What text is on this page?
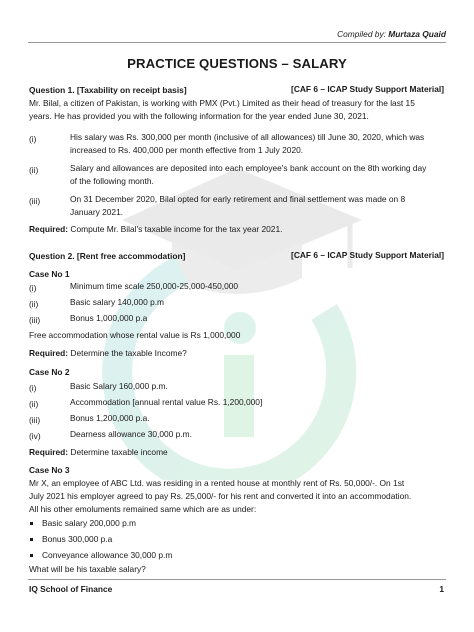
Compiled by: Murtaza Quaid
PRACTICE QUESTIONS – SALARY
Question 1. [Taxability on receipt basis]	[CAF 6 – ICAP Study Support Material]
Mr. Bilal, a citizen of Pakistan, is working with PMX (Pvt.) Limited as their head of treasury for the last 15
years. He has provided you with the following information for the year ended June 30, 2021.
(i)	His salary was Rs. 300,000 per month (inclusive of all allowances) till June 30, 2020, which was
increased to Rs. 400,000 per month effective from 1 July 2020.
(ii)	Salary and allowances are deposited into each employee's bank account on the 8th working day
of the following month.
(iii)	On 31 December 2020, Bilal opted for early retirement and final settlement was made on 8
January 2021.
Required: Compute Mr. Bilal's taxable income for the tax year 2021.
Question 2. [Rent free accommodation]	[CAF 6 – ICAP Study Support Material]
Case No 1
(i)	Minimum time scale 250,000-25,000-450,000
(ii)	Basic salary 140,000 p.m
(iii)	Bonus 1,000,000 p.a
Free accommodation whose rental value is Rs 1,000,000
Required: Determine the taxable Income?
Case No 2
(i)	Basic Salary 160,000 p.m.
(ii)	Accommodation [annual rental value Rs. 1,200,000]
(iii)	Bonus 1,200,000 p.a.
(iv)	Dearness allowance 30,000 p.m.
Required: Determine taxable income
Case No 3
Mr X, an employee of ABC Ltd. was residing in a rented house at monthly rent of Rs. 50,000/-. On 1st
July 2021 his employer agreed to pay Rs. 25,000/- for his rent and converted it into an accommodation.
All his other emoluments remained same which are as under:
Basic salary 200,000 p.m
Bonus 300,000 p.a
Conveyance allowance 30,000 p.m
What will be his taxable salary?
IQ School of Finance	1
